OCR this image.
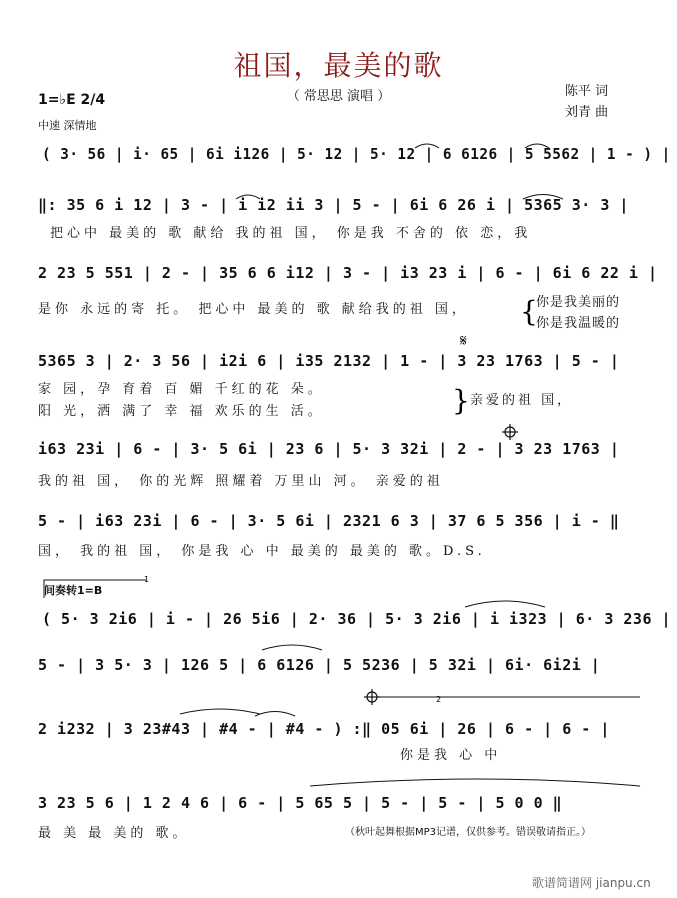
祖国，最美的歌
（ 常思思 演唱 ）	陈平 词
刘青 曲
1=♭E 2/4
中速 深情地
( 3· 56 | i· 65 | 6i i126 | 5· 12 | 5· 12 | 6 6126 | 5 5562 | 1 - ) |
‖: 35 6 i 12 | 3 - | i i2 ii 3 | 5 - | 6i 6 26 i | 5365 3· 3 |
把心中 最美的 歌 献给 我的祖 国， 你是我 不舍的 依 恋，我
2 23 5 551 | 2 - | 35 6 6 i12 | 3 - | i3 23 i | 6 - | 6i 6 22 i |
是你 永远的寄 托。 把心中 最美的 歌 献给我的祖 国，	你是我美丽的
你是我温暖的
5365 3 | 2· 3 56 | i2i 6 | i35 2132 | 1 - | 3 23 1763 | 5 - |
家 园，孕 育着 百 媚 千红的花 朵。
阳 光，洒 满了 幸 福 欢乐的生 活。
亲爱的祖 国，
i63 23i | 6 - | 3· 5 6i | 23 6 | 5· 3 32i | 2 - | 3 23 1763 |
我的祖 国， 你的光辉 照耀着 万里山 河。 亲爱的祖
5 - | i63 23i | 6 - | 3· 5 6i | 2321 6 3 | 37 6 5 356 | i - ‖
国， 我的祖 国， 你是我 心 中 最美的 最美的 歌。D.S.
间奏转1=B
( 5· 3 2i6 | i - | 26 5i6 | 2· 36 | 5· 3 2i6 | i i323 | 6· 3 236 |
5 - | 3 5· 3 | 126 5 | 6 6126 | 5 5236 | 5 32i | 6i· 6i2i |
2 i232 | 3 23#43 | #4 - | #4 - ) :‖ 05 6i | 26 | 6 - | 6 - |
你是我 心 中
3 23 5 6 | 1 2 4 6 | 6 - | 5 65 5 | 5 - | 5 - | 5 0 0 ‖
最 美 最 美的 歌。	（秋叶起舞根据MP3记谱，仅供参考。错误敬请指正。）
歌谱简谱网 jianpu.cn
1
2
𝄋
{
}
